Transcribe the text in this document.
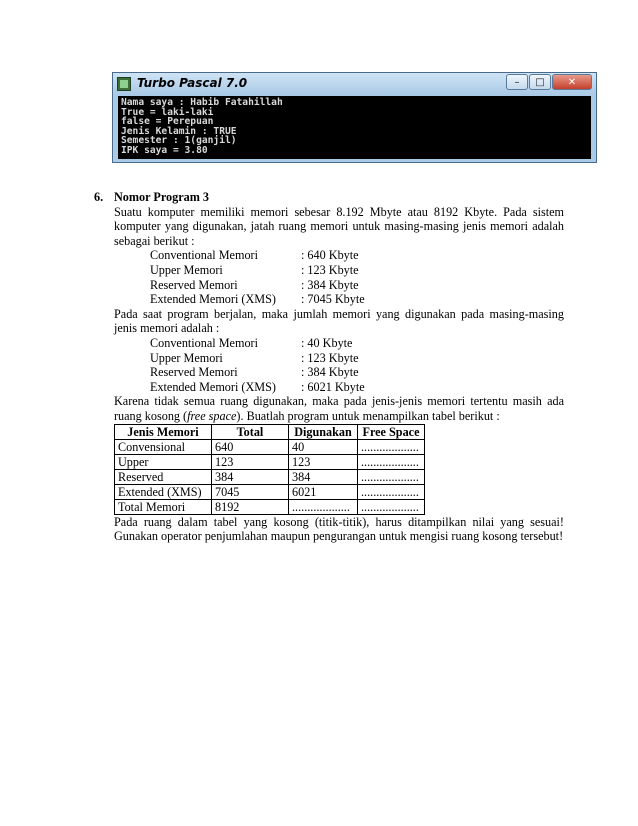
Turbo Pascal 7.0	–	□	✕
Nama saya : Habib Fatahillah
True = laki-laki
false = Perepuan
Jenis Kelamin : TRUE
Semester : 1(ganjil)
IPK saya = 3.80
6. Nomor Program 3
Suatu komputer memiliki memori sebesar 8.192 Mbyte atau 8192 Kbyte. Pada sistem komputer yang digunakan, jatah ruang memori untuk masing-masing jenis memori adalah sebagai berikut :
Conventional Memori	: 640 Kbyte
Upper Memori	: 123 Kbyte
Reserved Memori	: 384 Kbyte
Extended Memori (XMS) : 7045 Kbyte
Pada saat program berjalan, maka jumlah memori yang digunakan pada masing-masing jenis memori adalah :
Conventional Memori	: 40 Kbyte
Upper Memori	: 123 Kbyte
Reserved Memori	: 384 Kbyte
Extended Memori (XMS) : 6021 Kbyte
Karena tidak semua ruang digunakan, maka pada jenis-jenis memori tertentu masih ada ruang kosong (free space). Buatlah program untuk menampilkan tabel berikut :
Jenis Memori	Total	Digunakan	Free Space
Convensional	640	40	...................
Upper	123	123	...................
Reserved	384	384	...................
Extended (XMS)	7045	6021	...................
Total Memori	8192	...................	...................
Pada ruang dalam tabel yang kosong (titik-titik), harus ditampilkan nilai yang sesuai! Gunakan operator penjumlahan maupun pengurangan untuk mengisi ruang kosong tersebut!
